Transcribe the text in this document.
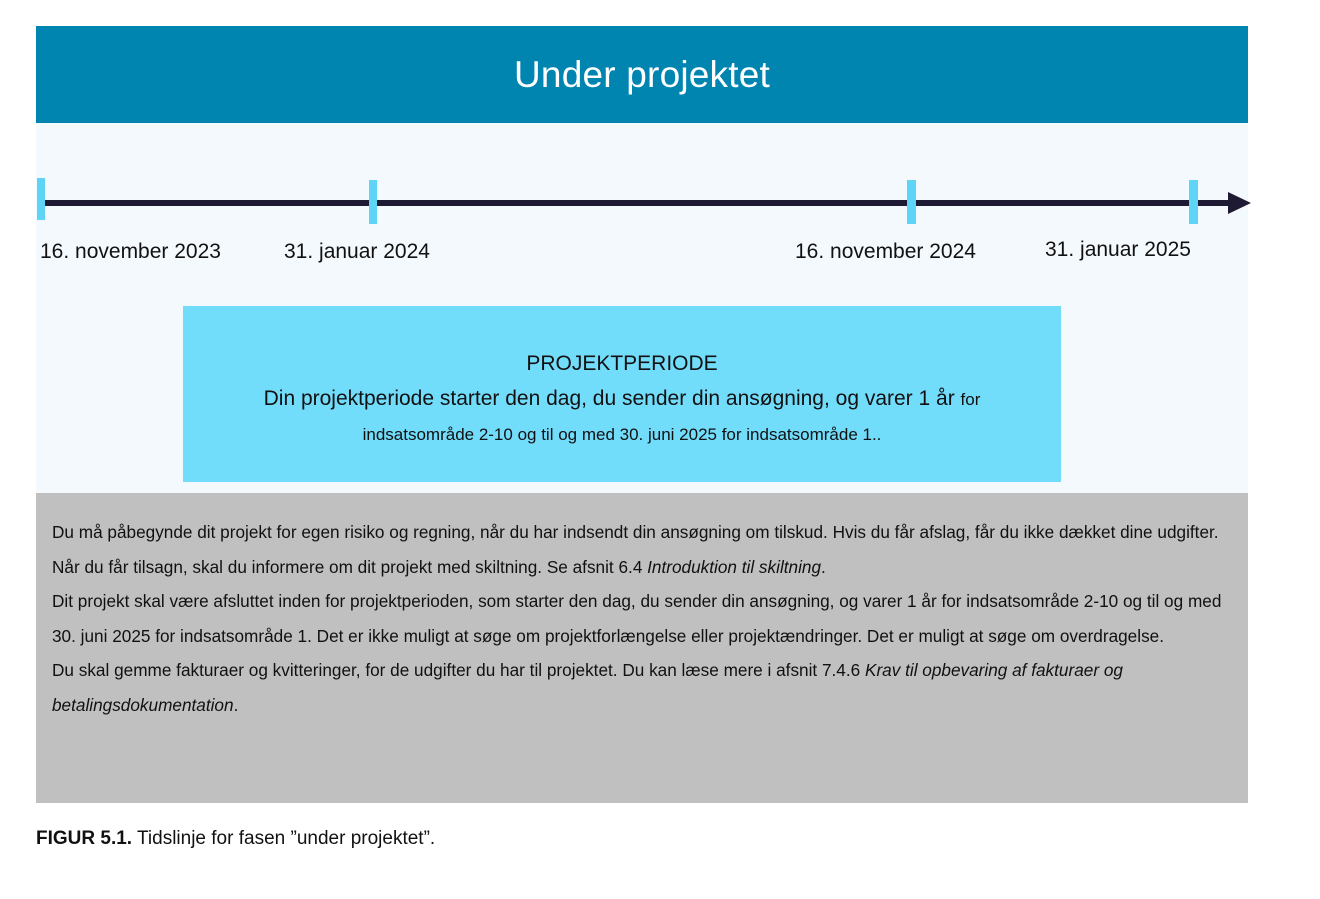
Under projektet
16. november 2023	31. januar 2024	16. november 2024	31. januar 2025
PROJEKTPERIODE
Din projektperiode starter den dag, du sender din ansøgning, og varer 1 år for
indsatsområde 2-10 og til og med 30. juni 2025 for indsatsområde 1..

Du må påbegynde dit projekt for egen risiko og regning, når du har indsendt din ansøgning om tilskud. Hvis du får afslag, får du ikke dækket dine udgifter.

Når du får tilsagn, skal du informere om dit projekt med skiltning. Se afsnit 6.4 Introduktion til skiltning.

Dit projekt skal være afsluttet inden for projektperioden, som starter den dag, du sender din ansøgning, og varer 1 år for indsatsområde 2-10 og til og med 30. juni 2025 for indsatsområde 1. Det er ikke muligt at søge om projektforlængelse eller projektændringer. Det er muligt at søge om overdragelse.

Du skal gemme fakturaer og kvitteringer, for de udgifter du har til projektet. Du kan læse mere i afsnit 7.4.6 Krav til opbevaring af fakturaer og betalingsdokumentation.

FIGUR 5.1. Tidslinje for fasen ”under projektet”.
